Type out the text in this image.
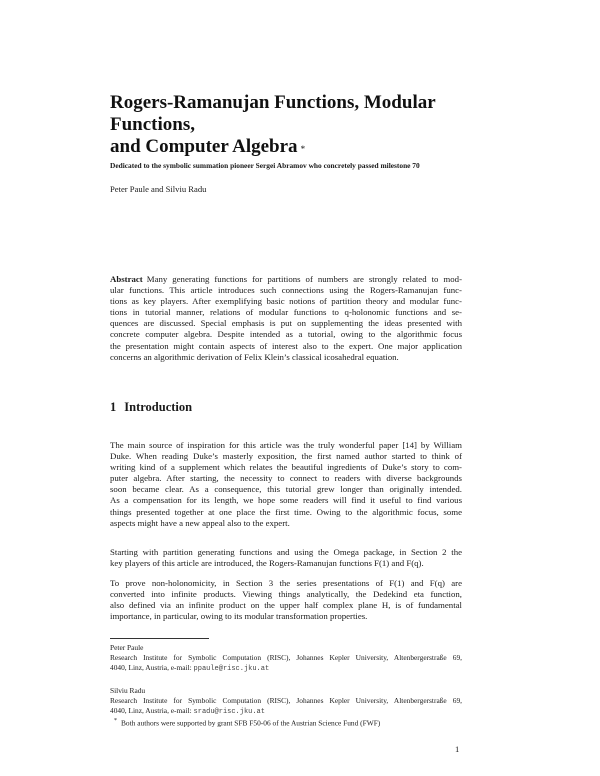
Rogers-Ramanujan Functions, Modular Functions,
and Computer Algebra *
Dedicated to the symbolic summation pioneer Sergei Abramov who concretely passed milestone 70
Peter Paule and Silviu Radu
Abstract Many generating functions for partitions of numbers are strongly related to mod-
ular functions. This article introduces such connections using the Rogers-Ramanujan func-
tions as key players. After exemplifying basic notions of partition theory and modular func-
tions in tutorial manner, relations of modular functions to q-holonomic functions and se-
quences are discussed. Special emphasis is put on supplementing the ideas presented with
concrete computer algebra. Despite intended as a tutorial, owing to the algorithmic focus
the presentation might contain aspects of interest also to the expert. One major application
concerns an algorithmic derivation of Felix Klein’s classical icosahedral equation.
1 Introduction
The main source of inspiration for this article was the truly wonderful paper [14] by William
Duke. When reading Duke’s masterly exposition, the first named author started to think of
writing kind of a supplement which relates the beautiful ingredients of Duke’s story to com-
puter algebra. After starting, the necessity to connect to readers with diverse backgrounds
soon became clear. As a consequence, this tutorial grew longer than originally intended.
As a compensation for its length, we hope some readers will find it useful to find various
things presented together at one place the first time. Owing to the algorithmic focus, some
aspects might have a new appeal also to the expert.
Starting with partition generating functions and using the Omega package, in Section 2 the
key players of this article are introduced, the Rogers-Ramanujan functions F(1) and F(q).
To prove non-holonomicity, in Section 3 the series presentations of F(1) and F(q) are
converted into infinite products. Viewing things analytically, the Dedekind eta function,
also defined via an infinite product on the upper half complex plane H, is of fundamental
importance, in particular, owing to its modular transformation properties.
Peter Paule
Research Institute for Symbolic Computation (RISC), Johannes Kepler University, Altenbergerstraße 69,
4040, Linz, Austria, e-mail: ppaule@risc.jku.at
Silviu Radu
Research Institute for Symbolic Computation (RISC), Johannes Kepler University, Altenbergerstraße 69,
4040, Linz, Austria, e-mail: sradu@risc.jku.at
* Both authors were supported by grant SFB F50-06 of the Austrian Science Fund (FWF)
1
